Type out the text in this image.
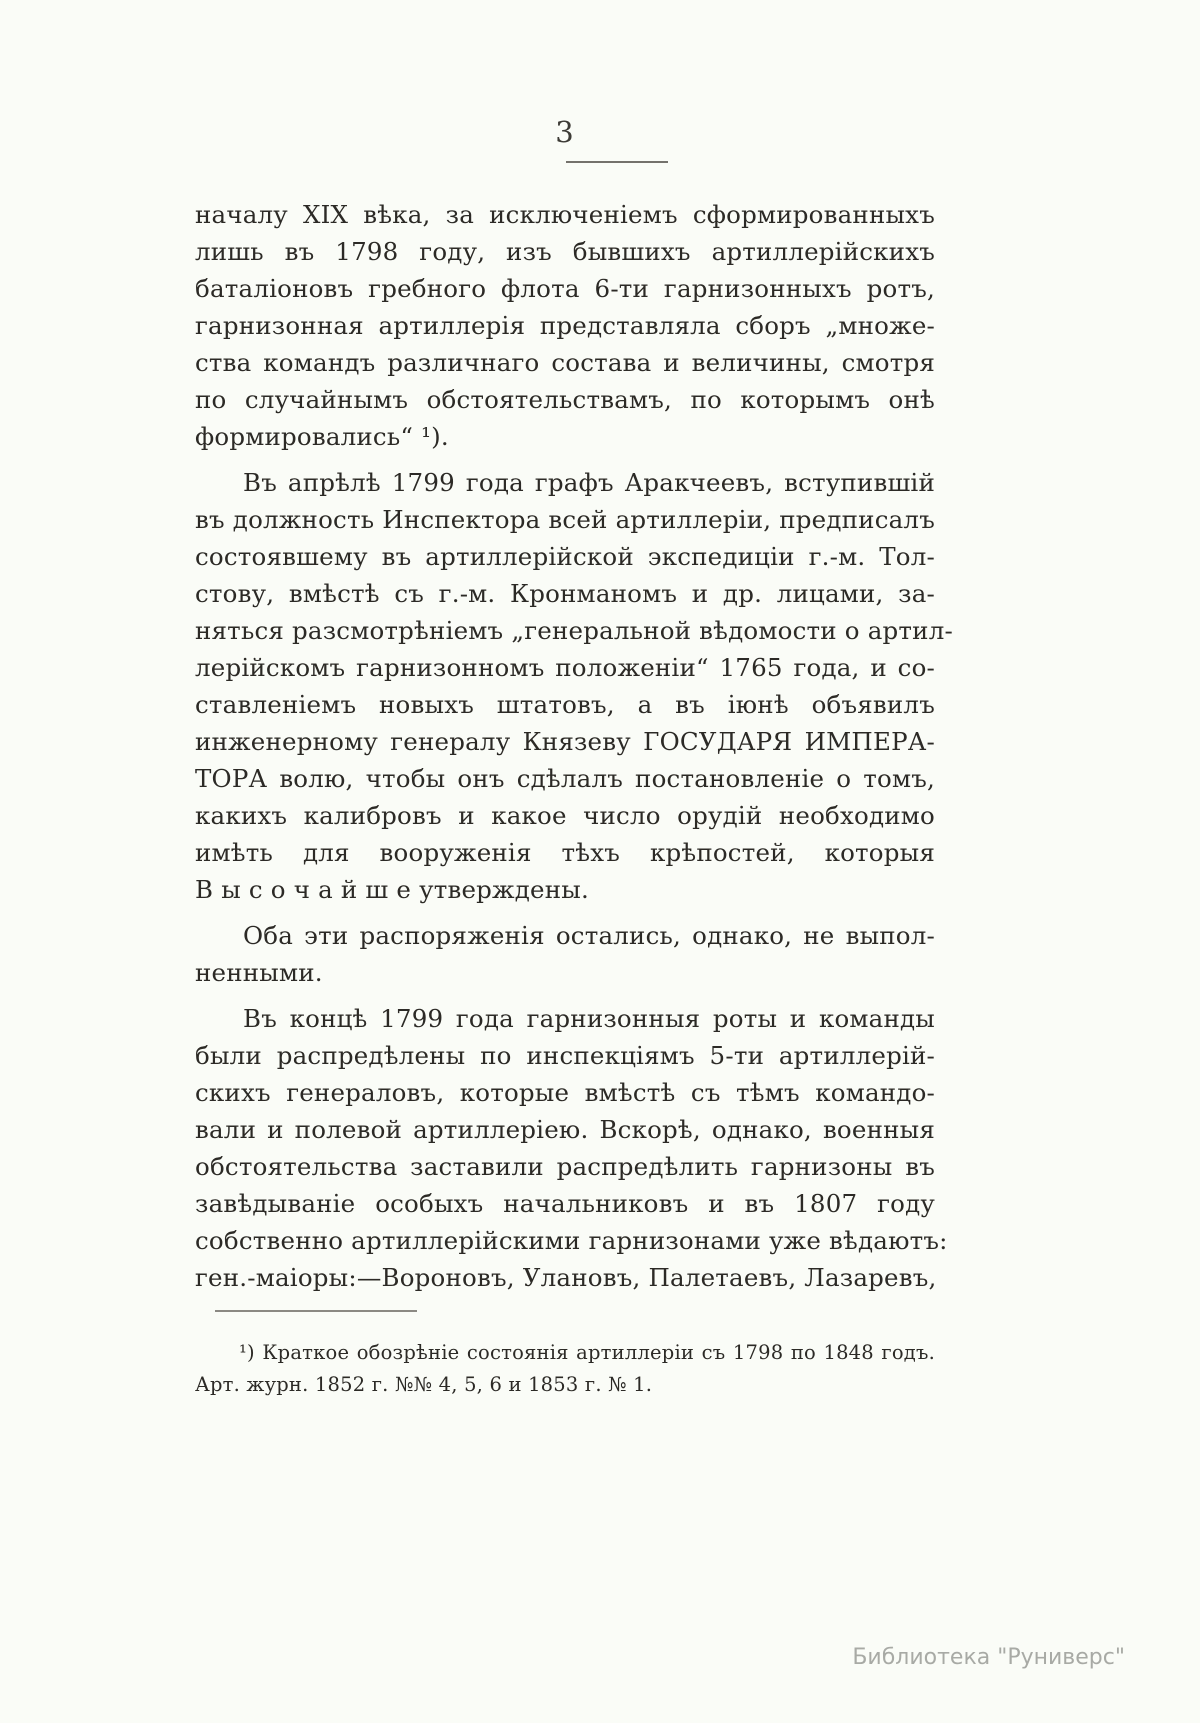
3

началу XIX вѣка, за исключеніемъ сформированныхъ
лишь въ 1798 году, изъ бывшихъ артиллерійскихъ
баталіоновъ гребного флота 6-ти гарнизонныхъ ротъ,
гарнизонная артиллерія представляла сборъ „множе-
ства командъ различнаго состава и величины, смотря
по случайнымъ обстоятельствамъ, по которымъ онѣ
формировались“ ¹).

Въ апрѣлѣ 1799 года графъ Аракчеевъ, вступившій
въ должность Инспектора всей артиллеріи, предписалъ
состоявшему въ артиллерійской экспедиціи г.-м. Тол-
стову, вмѣстѣ съ г.-м. Кронманомъ и др. лицами, за-
няться разсмотрѣніемъ „генеральной вѣдомости о артил-
лерійскомъ гарнизонномъ положеніи“ 1765 года, и со-
ставленіемъ новыхъ штатовъ, а въ іюнѣ объявилъ
инженерному генералу Князеву ГОСУДАРЯ ИМПЕРА-
ТОРА волю, чтобы онъ сдѣлалъ постановленіе о томъ,
какихъ калибровъ и какое число орудій необходимо
имѣть для вооруженія тѣхъ крѣпостей, которыя
В ы с о ч а й ш е утверждены.

Оба эти распоряженія остались, однако, не выпол-
ненными.

Въ концѣ 1799 года гарнизонныя роты и команды
были распредѣлены по инспекціямъ 5-ти артиллерій-
скихъ генераловъ, которые вмѣстѣ съ тѣмъ командо-
вали и полевой артиллеріею. Вскорѣ, однако, военныя
обстоятельства заставили распредѣлить гарнизоны въ
завѣдываніе особыхъ начальниковъ и въ 1807 году
собственно артиллерійскими гарнизонами уже вѣдаютъ:
ген.-маіоры:—Вороновъ, Улановъ, Палетаевъ, Лазаревъ,

¹) Краткое обозрѣніе состоянія артиллеріи съ 1798 по 1848 годъ.
Арт. журн. 1852 г. №№ 4, 5, 6 и 1853 г. № 1.
Библиотека "Руниверс"
